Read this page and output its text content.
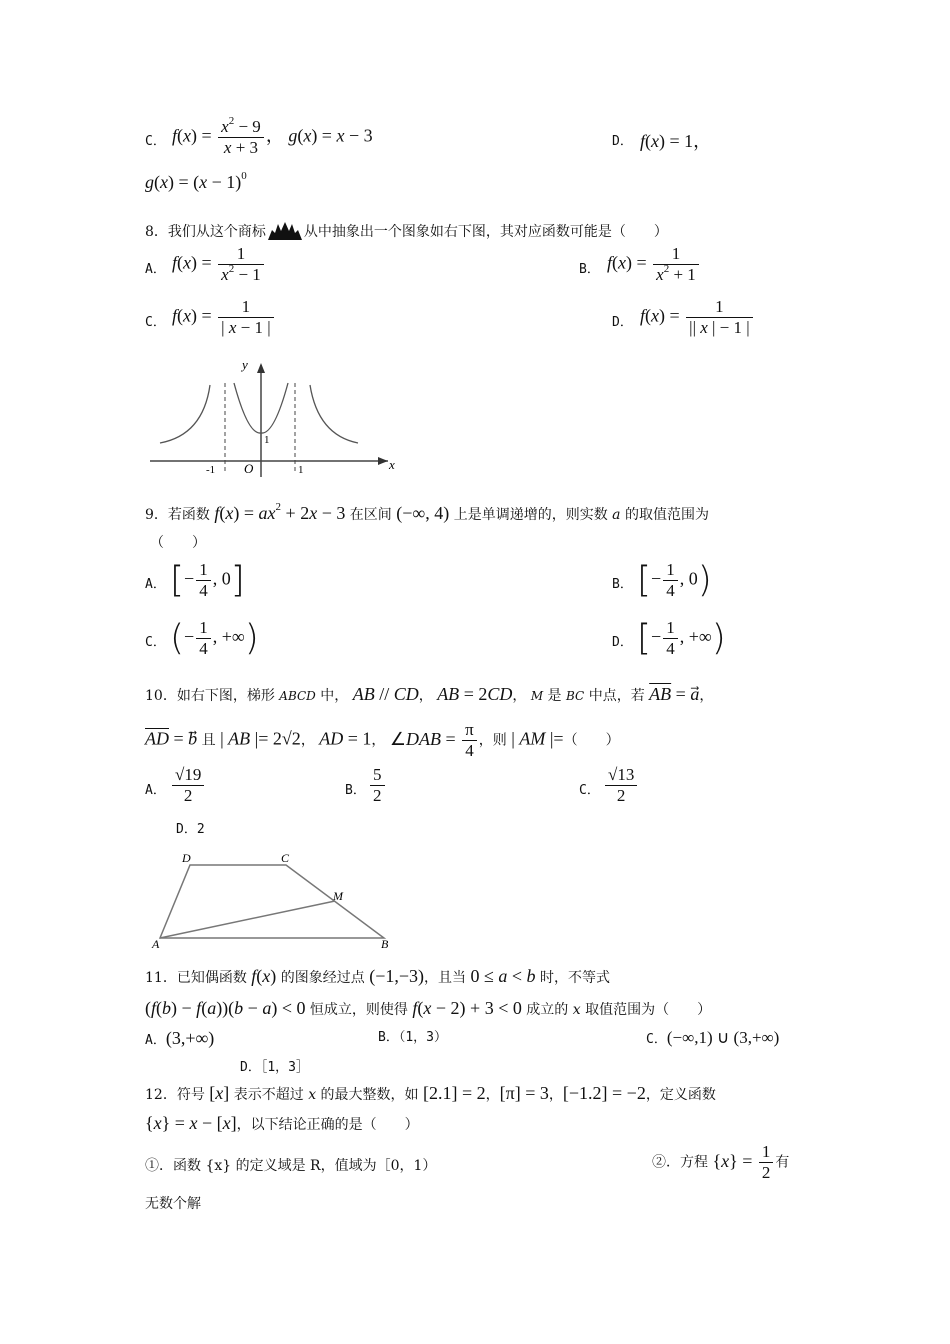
C． $f(x) = \frac{x^2 - 9}{x + 3}$ ， g(x) = x − 3	D． f(x) = 1，
$g(x) = (x - 1)^0$
8．我们从这个商标	从中抽象出一个图象如右下图，其对应函数可能是（　　）
A． $f(x) = \frac{1}{x^2 - 1}$	B． $f(x) = \frac{1}{x^2 + 1}$
C． $f(x) = \frac{1}{| x - 1 |}$	D． $f(x) = \frac{1}{|| x | - 1 |}$
y
x
1
-1 O	1
9．若函数 $f(x) = ax^2 + 2x - 3$ 在区间 (−∞, 4) 上是单调递增的，则实数 a 的取值范围为
（　　）
A． [− $\frac{1}{4}$ , 0]	B． [− $\frac{1}{4}$ , 0)
C． (− $\frac{1}{4}$ , +∞)	D． [− $\frac{1}{4}$ , +∞)
10．如右下图，梯形 ABCD 中， AB // CD， AB = 2CD， M 是 BC 中点，若 $\overline{AB} = a$，
$\overline{AD} = b$ 且 | AB |= 2√2， AD = 1， ∠DAB = $\frac{\pi}{4}$ ，则 | AM |=（　　）
A． $\frac{√19}{2}$	B． $\frac{5}{2}$	C． $\frac{√13}{2}$
D．2
D	C
M
A	B
11．已知偶函数 f(x) 的图象经过点 (−1,−3)，且当 0 ≤ a < b 时，不等式
(f(b) − f(a))(b − a) < 0 恒成立，则使得 f(x − 2) + 3 < 0 成立的 x 取值范围为（　　）
A．(3,+∞)	B．（1，3）	C．(−∞,1) ∪ (3,+∞)
D．［1，3］
12．符号 [x] 表示不超过 x 的最大整数，如 [2.1] = 2，[π] = 3，[−1.2] = −2，定义函数
{x} = x − [x]，以下结论正确的是（　　）
①．函数 {x} 的定义域是 R，值域为［0，1）	②．方程 $\{x\} = \frac{1}{2}$ 有
无数个解
